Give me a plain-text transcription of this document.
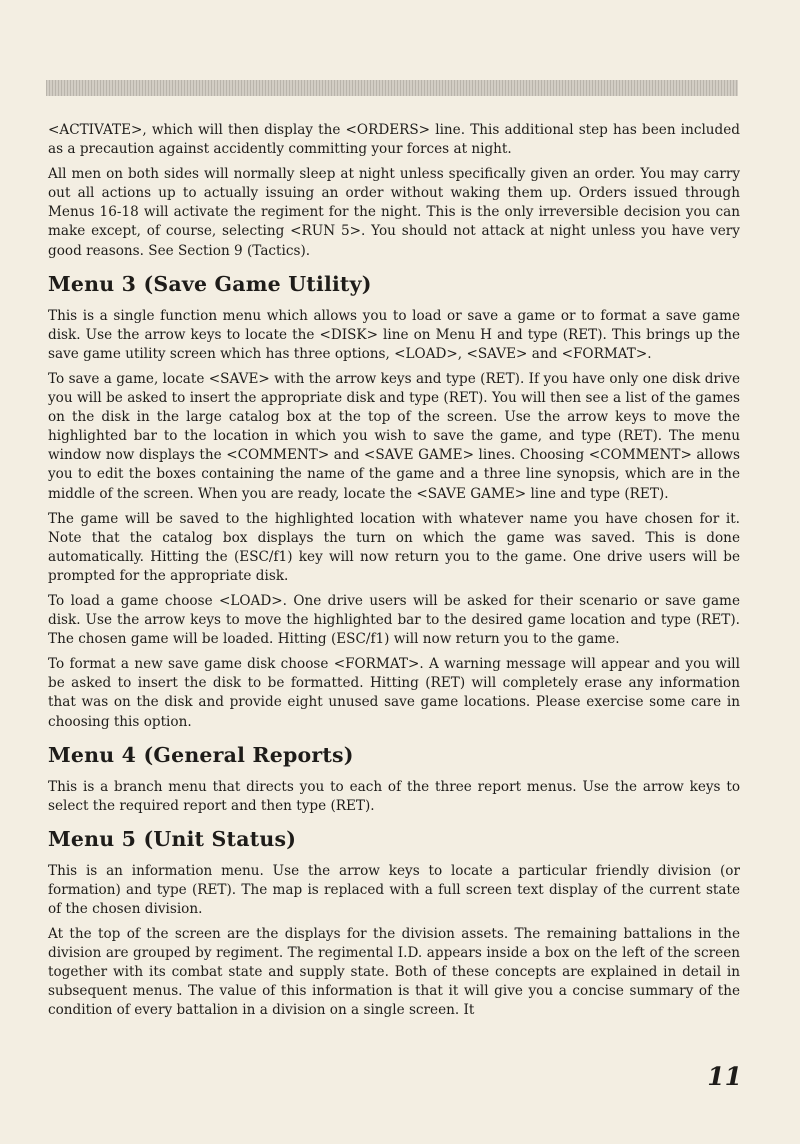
<ACTIVATE>, which will then display the <ORDERS> line. This additional step has been included as a precaution against accidently committing your forces at night.

All men on both sides will normally sleep at night unless specifically given an order. You may carry out all actions up to actually issuing an order without waking them up. Orders issued through Menus 16-18 will activate the regiment for the night. This is the only irreversible decision you can make except, of course, selecting <RUN 5>. You should not attack at night unless you have very good reasons. See Section 9 (Tactics).

Menu 3 (Save Game Utility)

This is a single function menu which allows you to load or save a game or to format a save game disk. Use the arrow keys to locate the <DISK> line on Menu H and type (RET). This brings up the save game utility screen which has three options, <LOAD>, <SAVE> and <FORMAT>.

To save a game, locate <SAVE> with the arrow keys and type (RET). If you have only one disk drive you will be asked to insert the appropriate disk and type (RET). You will then see a list of the games on the disk in the large catalog box at the top of the screen. Use the arrow keys to move the highlighted bar to the location in which you wish to save the game, and type (RET). The menu window now displays the <COMMENT> and <SAVE GAME> lines. Choosing <COMMENT> allows you to edit the boxes containing the name of the game and a three line synopsis, which are in the middle of the screen. When you are ready, locate the <SAVE GAME> line and type (RET).

The game will be saved to the highlighted location with whatever name you have chosen for it. Note that the catalog box displays the turn on which the game was saved. This is done automatically. Hitting the (ESC/f1) key will now return you to the game. One drive users will be prompted for the appropriate disk.

To load a game choose <LOAD>. One drive users will be asked for their scenario or save game disk. Use the arrow keys to move the highlighted bar to the desired game location and type (RET). The chosen game will be loaded. Hitting (ESC/f1) will now return you to the game.

To format a new save game disk choose <FORMAT>. A warning message will appear and you will be asked to insert the disk to be formatted. Hitting (RET) will completely erase any information that was on the disk and provide eight unused save game locations. Please exercise some care in choosing this option.

Menu 4 (General Reports)

This is a branch menu that directs you to each of the three report menus. Use the arrow keys to select the required report and then type (RET).

Menu 5 (Unit Status)

This is an information menu. Use the arrow keys to locate a particular friendly division (or formation) and type (RET). The map is replaced with a full screen text display of the current state of the chosen division.

At the top of the screen are the displays for the division assets. The remaining battalions in the division are grouped by regiment. The regimental I.D. appears inside a box on the left of the screen together with its combat state and supply state. Both of these concepts are explained in detail in subsequent menus. The value of this information is that it will give you a concise summary of the condition of every battalion in a division on a single screen. It

11
